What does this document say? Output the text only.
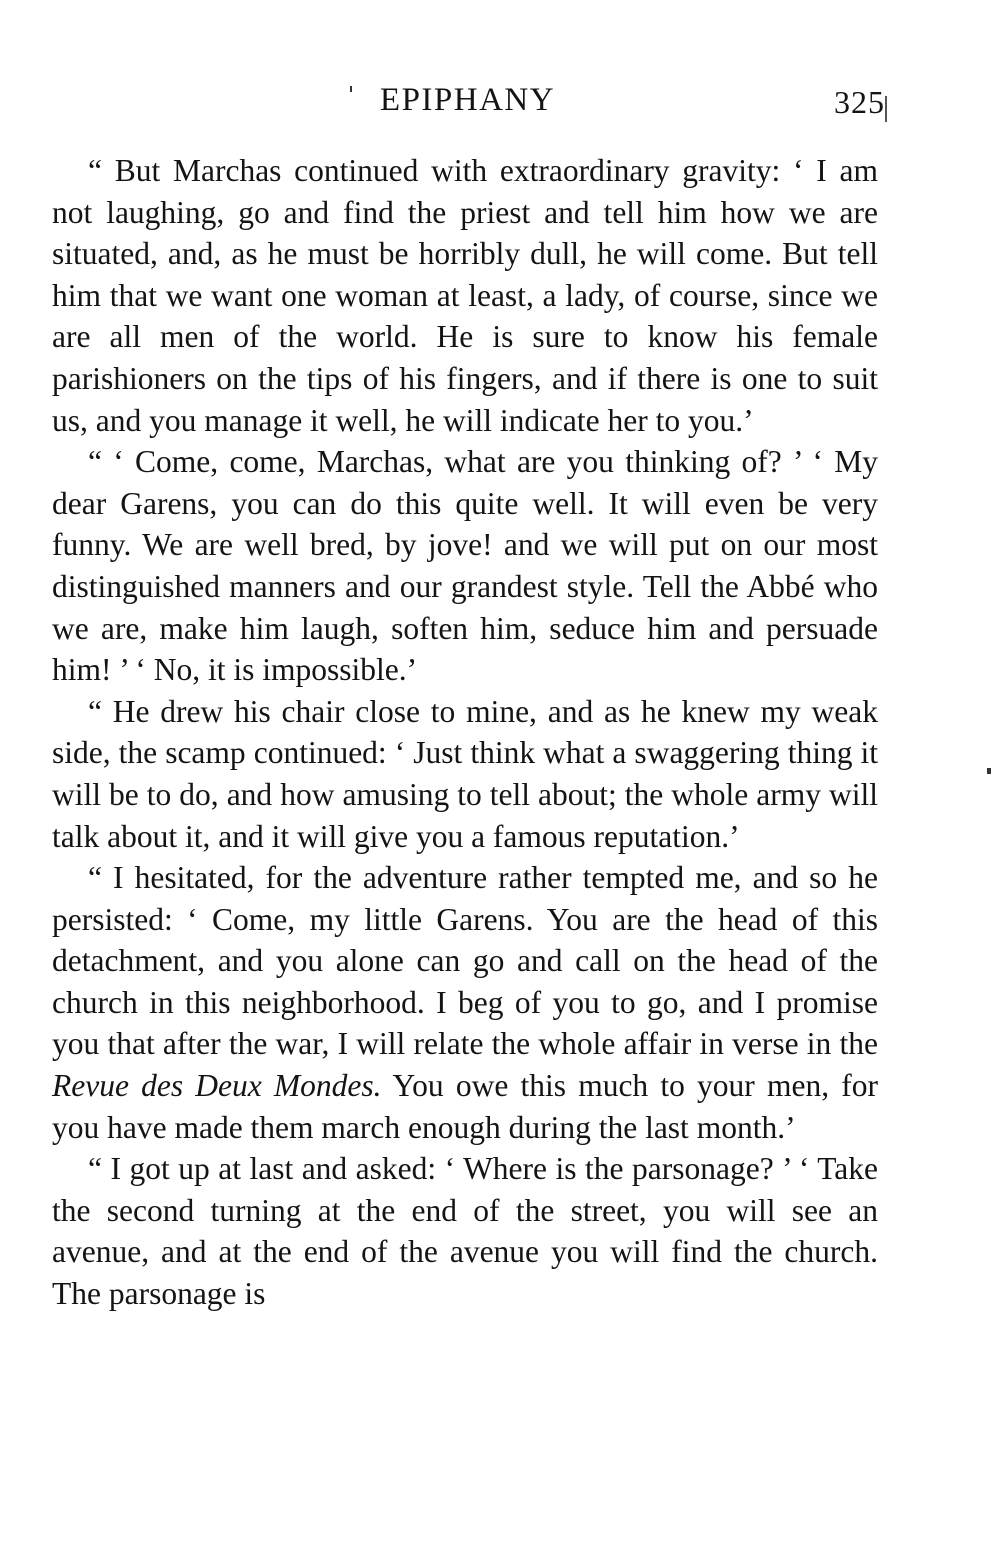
EPIPHANY	325

“ But Marchas continued with extraordinary gravity: ‘ I am not laughing, go and find the priest and tell him how we are situated, and, as he must be horribly dull, he will come. But tell him that we want one woman at least, a lady, of course, since we are all men of the world. He is sure to know his female parishioners on the tips of his fingers, and if there is one to suit us, and you manage it well, he will indicate her to you.’

“ ‘ Come, come, Marchas, what are you thinking of? ’ ‘ My dear Garens, you can do this quite well. It will even be very funny. We are well bred, by jove! and we will put on our most distinguished manners and our grandest style. Tell the Abbé who we are, make him laugh, soften him, seduce him and persuade him! ’ ‘ No, it is impossible.’

“ He drew his chair close to mine, and as he knew my weak side, the scamp continued: ‘ Just think what a swaggering thing it will be to do, and how amusing to tell about; the whole army will talk about it, and it will give you a famous reputation.’

“ I hesitated, for the adventure rather tempted me, and so he persisted: ‘ Come, my little Garens. You are the head of this detachment, and you alone can go and call on the head of the church in this neighborhood. I beg of you to go, and I promise you that after the war, I will relate the whole affair in verse in the Revue des Deux Mondes. You owe this much to your men, for you have made them march enough during the last month.’

“ I got up at last and asked: ‘ Where is the parsonage? ’ ‘ Take the second turning at the end of the street, you will see an avenue, and at the end of the avenue you will find the church. The parsonage is
